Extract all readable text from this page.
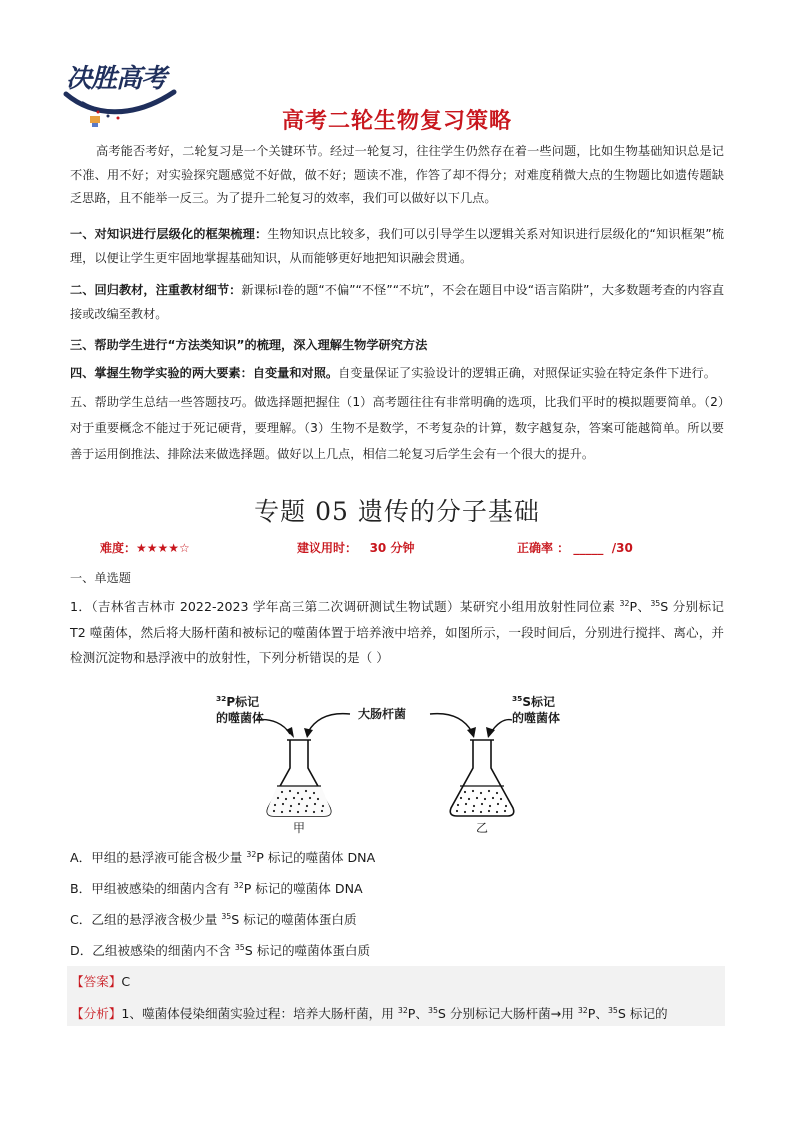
决胜高考
高考二轮生物复习策略
高考能否考好，二轮复习是一个关键环节。经过一轮复习，往往学生仍然存在着一些问题，比如生物基础知识总是记不准、用不好；对实验探究题感觉不好做，做不好；题读不准，作答了却不得分；对难度稍微大点的生物题比如遗传题缺乏思路，且不能举一反三。为了提升二轮复习的效率，我们可以做好以下几点。
一、对知识进行层级化的框架梳理：生物知识点比较多，我们可以引导学生以逻辑关系对知识进行层级化的“知识框架”梳理，以便让学生更牢固地掌握基础知识，从而能够更好地把知识融会贯通。
二、回归教材，注重教材细节：新课标Ⅰ卷的题“不偏”“不怪”“不坑”，不会在题目中设“语言陷阱”，大多数题考查的内容直接或改编至教材。
三、帮助学生进行“方法类知识”的梳理，深入理解生物学研究方法
四、掌握生物学实验的两大要素：自变量和对照。自变量保证了实验设计的逻辑正确，对照保证实验在特定条件下进行。
五、帮助学生总结一些答题技巧。做选择题把握住（1）高考题往往有非常明确的选项，比我们平时的模拟题要简单。（2）对于重要概念不能过于死记硬背，要理解。（3）生物不是数学，不考复杂的计算，数字越复杂，答案可能越简单。所以要善于运用倒推法、排除法来做选择题。做好以上几点，相信二轮复习后学生会有一个很大的提升。
专题 05 遗传的分子基础
难度：★★★★☆	建议用时： 30 分钟	正确率 ： _____ /30
一、单选题
1．（吉林省吉林市 2022-2023 学年高三第二次调研测试生物试题）某研究小组用放射性同位素 $^{32}$P、$^{35}$S 分别标记 T2 噬菌体，然后将大肠杆菌和被标记的噬菌体置于培养液中培养，如图所示，一段时间后，分别进行搅拌、离心，并检测沉淀物和悬浮液中的放射性，下列分析错误的是（ ）
$^{32}$P标记
的噬菌体	大肠杆菌
$^{35}$S标记
的噬菌体
甲	乙
A．甲组的悬浮液可能含极少量 $^{32}$P 标记的噬菌体 DNA
B．甲组被感染的细菌内含有 $^{32}$P 标记的噬菌体 DNA
C．乙组的悬浮液含极少量 $^{35}$S 标记的噬菌体蛋白质
D．乙组被感染的细菌内不含 $^{35}$S 标记的噬菌体蛋白质
【答案】C
【分析】1、噬菌体侵染细菌实验过程：培养大肠杆菌，用 $^{32}$P、$^{35}$S 分别标记大肠杆菌→用 $^{32}$P、$^{35}$S 标记的
